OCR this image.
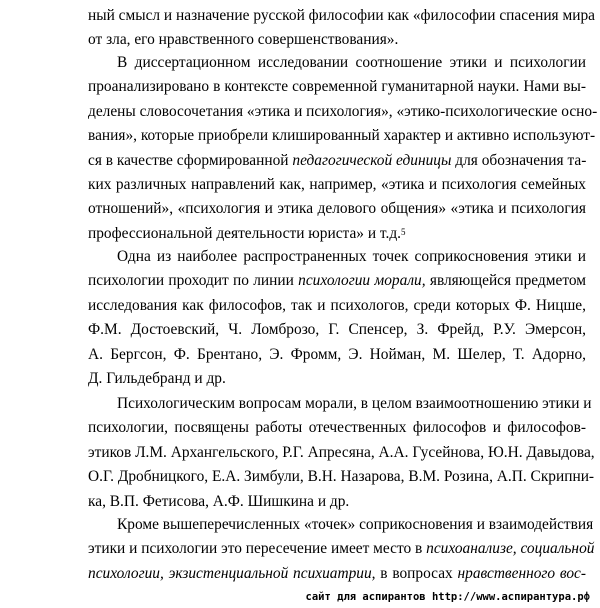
ный смысл и назначение русской философии как «философии спасения мира
от зла, его нравственного совершенствования».
В диссертационном исследовании соотношение этики и психологии
проанализировано в контексте современной гуманитарной науки. Нами вы-
делены словосочетания «этика и психология», «этико-психологические осно-
вания», которые приобрели клишированный характер и активно используют-
ся в качестве сформированной педагогической единицы для обозначения та-
ких различных направлений как, например, «этика и психология семейных
отношений», «психология и этика делового общения» «этика и психология
профессиональной деятельности юриста» и т.д.$^5$
Одна из наиболее распространенных точек соприкосновения этики и
психологии проходит по линии психологии морали, являющейся предметом
исследования как философов, так и психологов, среди которых Ф. Ницше,
Ф.М. Достоевский, Ч. Ломброзо, Г. Спенсер, З. Фрейд, Р.У. Эмерсон,
А. Бергсон, Ф. Брентано, Э. Фромм, Э. Нойман, М. Шелер, Т. Адорно,
Д. Гильдебранд и др.
Психологическим вопросам морали, в целом взаимоотношению этики и
психологии, посвящены работы отечественных философов и философов-
этиков Л.М. Архангельского, Р.Г. Апресяна, А.А. Гусейнова, Ю.Н. Давыдова,
О.Г. Дробницкого, Е.А. Зимбули, В.Н. Назарова, В.М. Розина, А.П. Скрипни-
ка, В.П. Фетисова, А.Ф. Шишкина и др.
Кроме вышеперечисленных «точек» соприкосновения и взаимодействия
этики и психологии это пересечение имеет место в психоанализе, социальной
психологии, экзистенциальной психиатрии, в вопросах нравственного вос-
сайт для аспирантов http://www.аспирантура.рф
